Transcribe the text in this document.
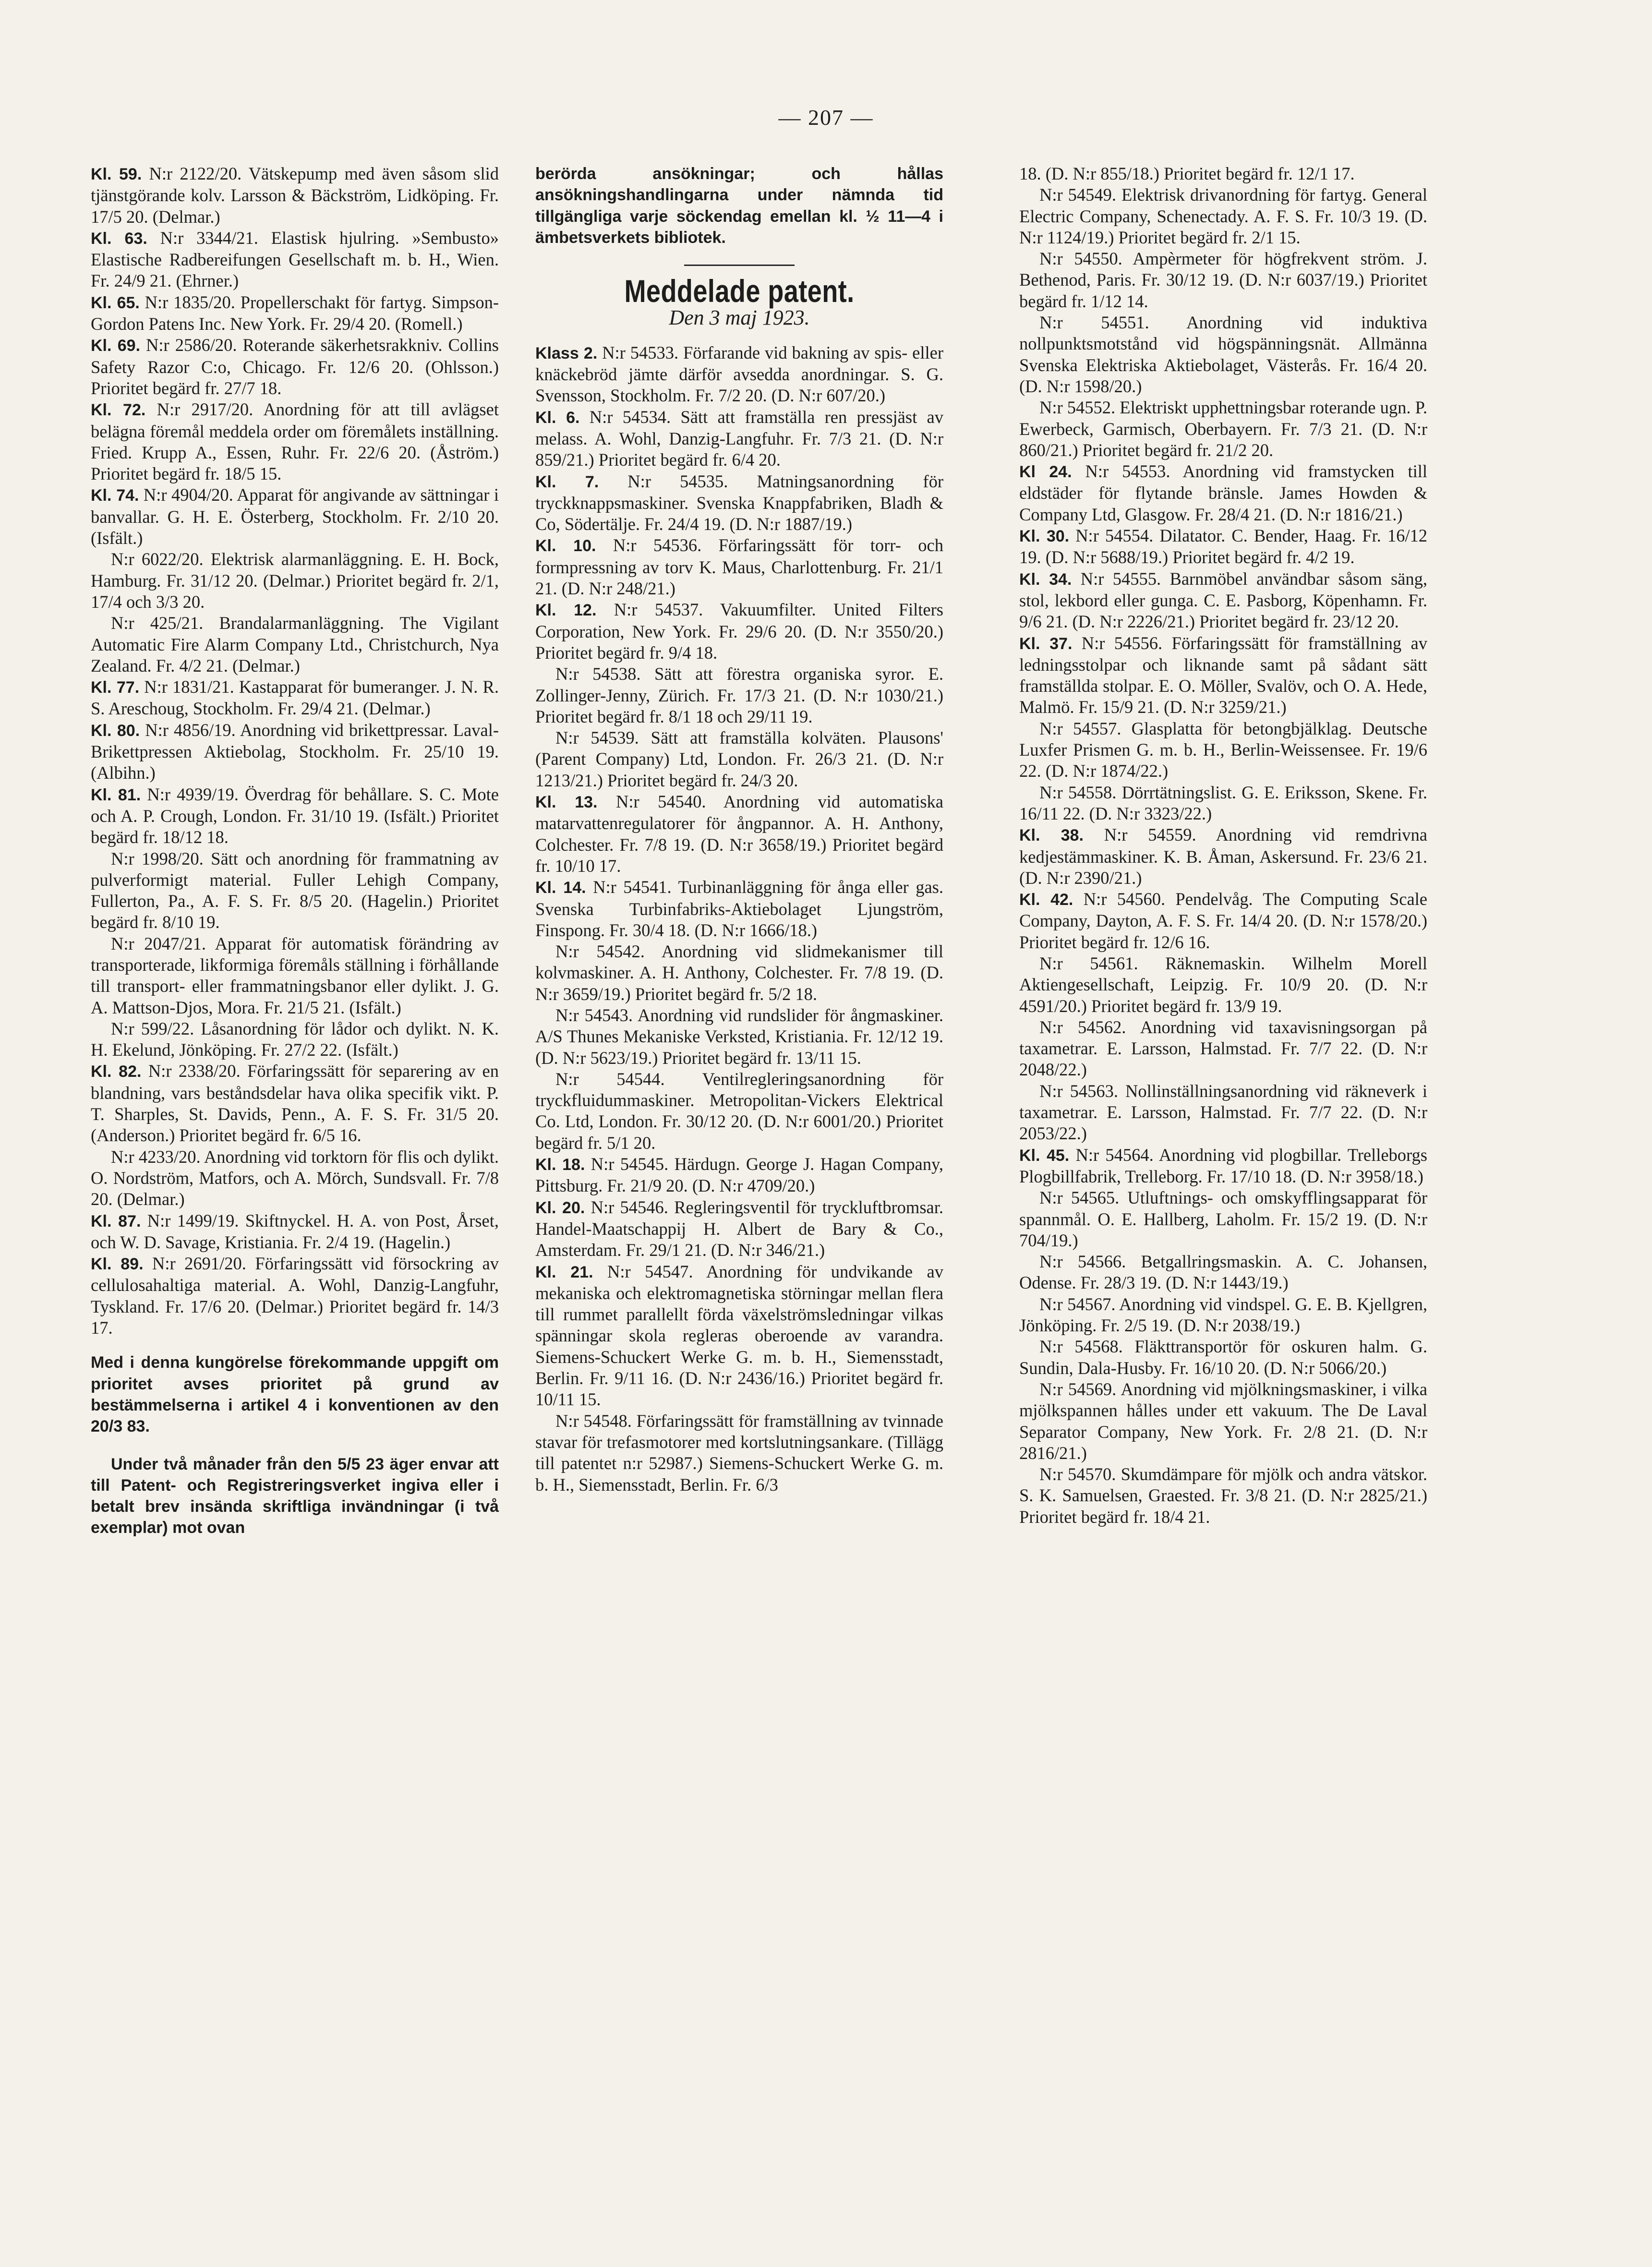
— 207 —

Kl. 59. N:r 2122/20. Vätskepump med även såsom slid tjänstgörande kolv. Larsson & Bäckström, Lidköping. Fr. 17/5 20. (Delmar.)

Kl. 63. N:r 3344/21. Elastisk hjulring. »Sembusto» Elastische Radbereifungen Gesellschaft m. b. H., Wien. Fr. 24/9 21. (Ehrner.)

Kl. 65. N:r 1835/20. Propellerschakt för fartyg. Simpson-Gordon Patens Inc. New York. Fr. 29/4 20. (Romell.)

Kl. 69. N:r 2586/20. Roterande säkerhetsrakkniv. Collins Safety Razor C:o, Chicago. Fr. 12/6 20. (Ohlsson.) Prioritet begärd fr. 27/7 18.

Kl. 72. N:r 2917/20. Anordning för att till avlägset belägna föremål meddela order om föremålets inställning. Fried. Krupp A., Essen, Ruhr. Fr. 22/6 20. (Åström.) Prioritet begärd fr. 18/5 15.

Kl. 74. N:r 4904/20. Apparat för angivande av sättningar i banvallar. G. H. E. Österberg, Stockholm. Fr. 2/10 20. (Isfält.)

N:r 6022/20. Elektrisk alarmanläggning. E. H. Bock, Hamburg. Fr. 31/12 20. (Delmar.) Prioritet begärd fr. 2/1, 17/4 och 3/3 20.

N:r 425/21. Brandalarmanläggning. The Vigilant Automatic Fire Alarm Company Ltd., Christchurch, Nya Zealand. Fr. 4/2 21. (Delmar.)

Kl. 77. N:r 1831/21. Kastapparat för bumeranger. J. N. R. S. Areschoug, Stockholm. Fr. 29/4 21. (Delmar.)

Kl. 80. N:r 4856/19. Anordning vid brikettpressar. Laval-Brikettpressen Aktiebolag, Stockholm. Fr. 25/10 19. (Albihn.)

Kl. 81. N:r 4939/19. Överdrag för behållare. S. C. Mote och A. P. Crough, London. Fr. 31/10 19. (Isfält.) Prioritet begärd fr. 18/12 18.

N:r 1998/20. Sätt och anordning för frammatning av pulverformigt material. Fuller Lehigh Company, Fullerton, Pa., A. F. S. Fr. 8/5 20. (Hagelin.) Prioritet begärd fr. 8/10 19.

N:r 2047/21. Apparat för automatisk förändring av transporterade, likformiga föremåls ställning i förhållande till transport- eller frammatningsbanor eller dylikt. J. G. A. Mattson-Djos, Mora. Fr. 21/5 21. (Isfält.)

N:r 599/22. Låsanordning för lådor och dylikt. N. K. H. Ekelund, Jönköping. Fr. 27/2 22. (Isfält.)

Kl. 82. N:r 2338/20. Förfaringssätt för separering av en blandning, vars beståndsdelar hava olika specifik vikt. P. T. Sharples, St. Davids, Penn., A. F. S. Fr. 31/5 20. (Anderson.) Prioritet begärd fr. 6/5 16.

N:r 4233/20. Anordning vid torktorn för flis och dylikt. O. Nordström, Matfors, och A. Mörch, Sundsvall. Fr. 7/8 20. (Delmar.)

Kl. 87. N:r 1499/19. Skiftnyckel. H. A. von Post, Årset, och W. D. Savage, Kristiania. Fr. 2/4 19. (Hagelin.)

Kl. 89. N:r 2691/20. Förfaringssätt vid försockring av cellulosahaltiga material. A. Wohl, Danzig-Langfuhr, Tyskland. Fr. 17/6 20. (Delmar.) Prioritet begärd fr. 14/3 17.

Med i denna kungörelse förekommande uppgift om prioritet avses prioritet på grund av bestämmelserna i artikel 4 i konventionen av den 20/3 83.

Under två månader från den 5/5 23 äger envar att till Patent- och Registreringsverket ingiva eller i betalt brev insända skriftliga invändningar (i två exemplar) mot ovan

berörda ansökningar; och hållas ansökningshandlingarna under nämnda tid tillgängliga varje söckendag emellan kl. ½ 11—4 i ämbetsverkets bibliotek.

Meddelade patent.
Den 3 maj 1923.

Klass 2. N:r 54533. Förfarande vid bakning av spis- eller knäckebröd jämte därför avsedda anordningar. S. G. Svensson, Stockholm. Fr. 7/2 20. (D. N:r 607/20.)

Kl. 6. N:r 54534. Sätt att framställa ren pressjäst av melass. A. Wohl, Danzig-Langfuhr. Fr. 7/3 21. (D. N:r 859/21.) Prioritet begärd fr. 6/4 20.

Kl. 7. N:r 54535. Matningsanordning för tryckknappsmaskiner. Svenska Knappfabriken, Bladh & Co, Södertälje. Fr. 24/4 19. (D. N:r 1887/19.)

Kl. 10. N:r 54536. Förfaringssätt för torr- och formpressning av torv K. Maus, Charlottenburg. Fr. 21/1 21. (D. N:r 248/21.)

Kl. 12. N:r 54537. Vakuumfilter. United Filters Corporation, New York. Fr. 29/6 20. (D. N:r 3550/20.) Prioritet begärd fr. 9/4 18.

N:r 54538. Sätt att förestra organiska syror. E. Zollinger-Jenny, Zürich. Fr. 17/3 21. (D. N:r 1030/21.) Prioritet begärd fr. 8/1 18 och 29/11 19.

N:r 54539. Sätt att framställa kolväten. Plausons' (Parent Company) Ltd, London. Fr. 26/3 21. (D. N:r 1213/21.) Prioritet begärd fr. 24/3 20.

Kl. 13. N:r 54540. Anordning vid automatiska matarvattenregulatorer för ångpannor. A. H. Anthony, Colchester. Fr. 7/8 19. (D. N:r 3658/19.) Prioritet begärd fr. 10/10 17.

Kl. 14. N:r 54541. Turbinanläggning för ånga eller gas. Svenska Turbinfabriks-Aktiebolaget Ljungström, Finspong. Fr. 30/4 18. (D. N:r 1666/18.)

N:r 54542. Anordning vid slidmekanismer till kolvmaskiner. A. H. Anthony, Colchester. Fr. 7/8 19. (D. N:r 3659/19.) Prioritet begärd fr. 5/2 18.

N:r 54543. Anordning vid rundslider för ångmaskiner. A/S Thunes Mekaniske Verksted, Kristiania. Fr. 12/12 19. (D. N:r 5623/19.) Prioritet begärd fr. 13/11 15.

N:r 54544. Ventilregleringsanordning för tryckfluidummaskiner. Metropolitan-Vickers Elektrical Co. Ltd, London. Fr. 30/12 20. (D. N:r 6001/20.) Prioritet begärd fr. 5/1 20.

Kl. 18. N:r 54545. Härdugn. George J. Hagan Company, Pittsburg. Fr. 21/9 20. (D. N:r 4709/20.)

Kl. 20. N:r 54546. Regleringsventil för tryckluftbromsar. Handel-Maatschappij H. Albert de Bary & Co., Amsterdam. Fr. 29/1 21. (D. N:r 346/21.)

Kl. 21. N:r 54547. Anordning för undvikande av mekaniska och elektromagnetiska störningar mellan flera till rummet parallellt förda växelströmsledningar vilkas spänningar skola regleras oberoende av varandra. Siemens-Schuckert Werke G. m. b. H., Siemensstadt, Berlin. Fr. 9/11 16. (D. N:r 2436/16.) Prioritet begärd fr. 10/11 15.

N:r 54548. Förfaringssätt för framställning av tvinnade stavar för trefasmotorer med kortslutningsankare. (Tillägg till patentet n:r 52987.) Siemens-Schuckert Werke G. m. b. H., Siemensstadt, Berlin. Fr. 6/3

18. (D. N:r 855/18.) Prioritet begärd fr. 12/1 17.

N:r 54549. Elektrisk drivanordning för fartyg. General Electric Company, Schenectady. A. F. S. Fr. 10/3 19. (D. N:r 1124/19.) Prioritet begärd fr. 2/1 15.

N:r 54550. Ampèrmeter för högfrekvent ström. J. Bethenod, Paris. Fr. 30/12 19. (D. N:r 6037/19.) Prioritet begärd fr. 1/12 14.

N:r 54551. Anordning vid induktiva nollpunktsmotstånd vid högspänningsnät. Allmänna Svenska Elektriska Aktiebolaget, Västerås. Fr. 16/4 20. (D. N:r 1598/20.)

N:r 54552. Elektriskt upphettningsbar roterande ugn. P. Ewerbeck, Garmisch, Oberbayern. Fr. 7/3 21. (D. N:r 860/21.) Prioritet begärd fr. 21/2 20.

Kl 24. N:r 54553. Anordning vid framstycken till eldstäder för flytande bränsle. James Howden & Company Ltd, Glasgow. Fr. 28/4 21. (D. N:r 1816/21.)

Kl. 30. N:r 54554. Dilatator. C. Bender, Haag. Fr. 16/12 19. (D. N:r 5688/19.) Prioritet begärd fr. 4/2 19.

Kl. 34. N:r 54555. Barnmöbel användbar såsom säng, stol, lekbord eller gunga. C. E. Pasborg, Köpenhamn. Fr. 9/6 21. (D. N:r 2226/21.) Prioritet begärd fr. 23/12 20.

Kl. 37. N:r 54556. Förfaringssätt för framställning av ledningsstolpar och liknande samt på sådant sätt framställda stolpar. E. O. Möller, Svalöv, och O. A. Hede, Malmö. Fr. 15/9 21. (D. N:r 3259/21.)

N:r 54557. Glasplatta för betongbjälklag. Deutsche Luxfer Prismen G. m. b. H., Berlin-Weissensee. Fr. 19/6 22. (D. N:r 1874/22.)

N:r 54558. Dörrtätningslist. G. E. Eriksson, Skene. Fr. 16/11 22. (D. N:r 3323/22.)

Kl. 38. N:r 54559. Anordning vid remdrivna kedjestämmaskiner. K. B. Åman, Askersund. Fr. 23/6 21. (D. N:r 2390/21.)

Kl. 42. N:r 54560. Pendelvåg. The Computing Scale Company, Dayton, A. F. S. Fr. 14/4 20. (D. N:r 1578/20.) Prioritet begärd fr. 12/6 16.

N:r 54561. Räknemaskin. Wilhelm Morell Aktiengesellschaft, Leipzig. Fr. 10/9 20. (D. N:r 4591/20.) Prioritet begärd fr. 13/9 19.

N:r 54562. Anordning vid taxavisningsorgan på taxametrar. E. Larsson, Halmstad. Fr. 7/7 22. (D. N:r 2048/22.)

N:r 54563. Nollinställningsanordning vid räkneverk i taxametrar. E. Larsson, Halmstad. Fr. 7/7 22. (D. N:r 2053/22.)

Kl. 45. N:r 54564. Anordning vid plogbillar. Trelleborgs Plogbillfabrik, Trelleborg. Fr. 17/10 18. (D. N:r 3958/18.)

N:r 54565. Utluftnings- och omskyfflingsapparat för spannmål. O. E. Hallberg, Laholm. Fr. 15/2 19. (D. N:r 704/19.)

N:r 54566. Betgallringsmaskin. A. C. Johansen, Odense. Fr. 28/3 19. (D. N:r 1443/19.)

N:r 54567. Anordning vid vindspel. G. E. B. Kjellgren, Jönköping. Fr. 2/5 19. (D. N:r 2038/19.)

N:r 54568. Fläkttransportör för oskuren halm. G. Sundin, Dala-Husby. Fr. 16/10 20. (D. N:r 5066/20.)

N:r 54569. Anordning vid mjölkningsmaskiner, i vilka mjölkspannen hålles under ett vakuum. The De Laval Separator Company, New York. Fr. 2/8 21. (D. N:r 2816/21.)

N:r 54570. Skumdämpare för mjölk och andra vätskor. S. K. Samuelsen, Graested. Fr. 3/8 21. (D. N:r 2825/21.) Prioritet begärd fr. 18/4 21.
